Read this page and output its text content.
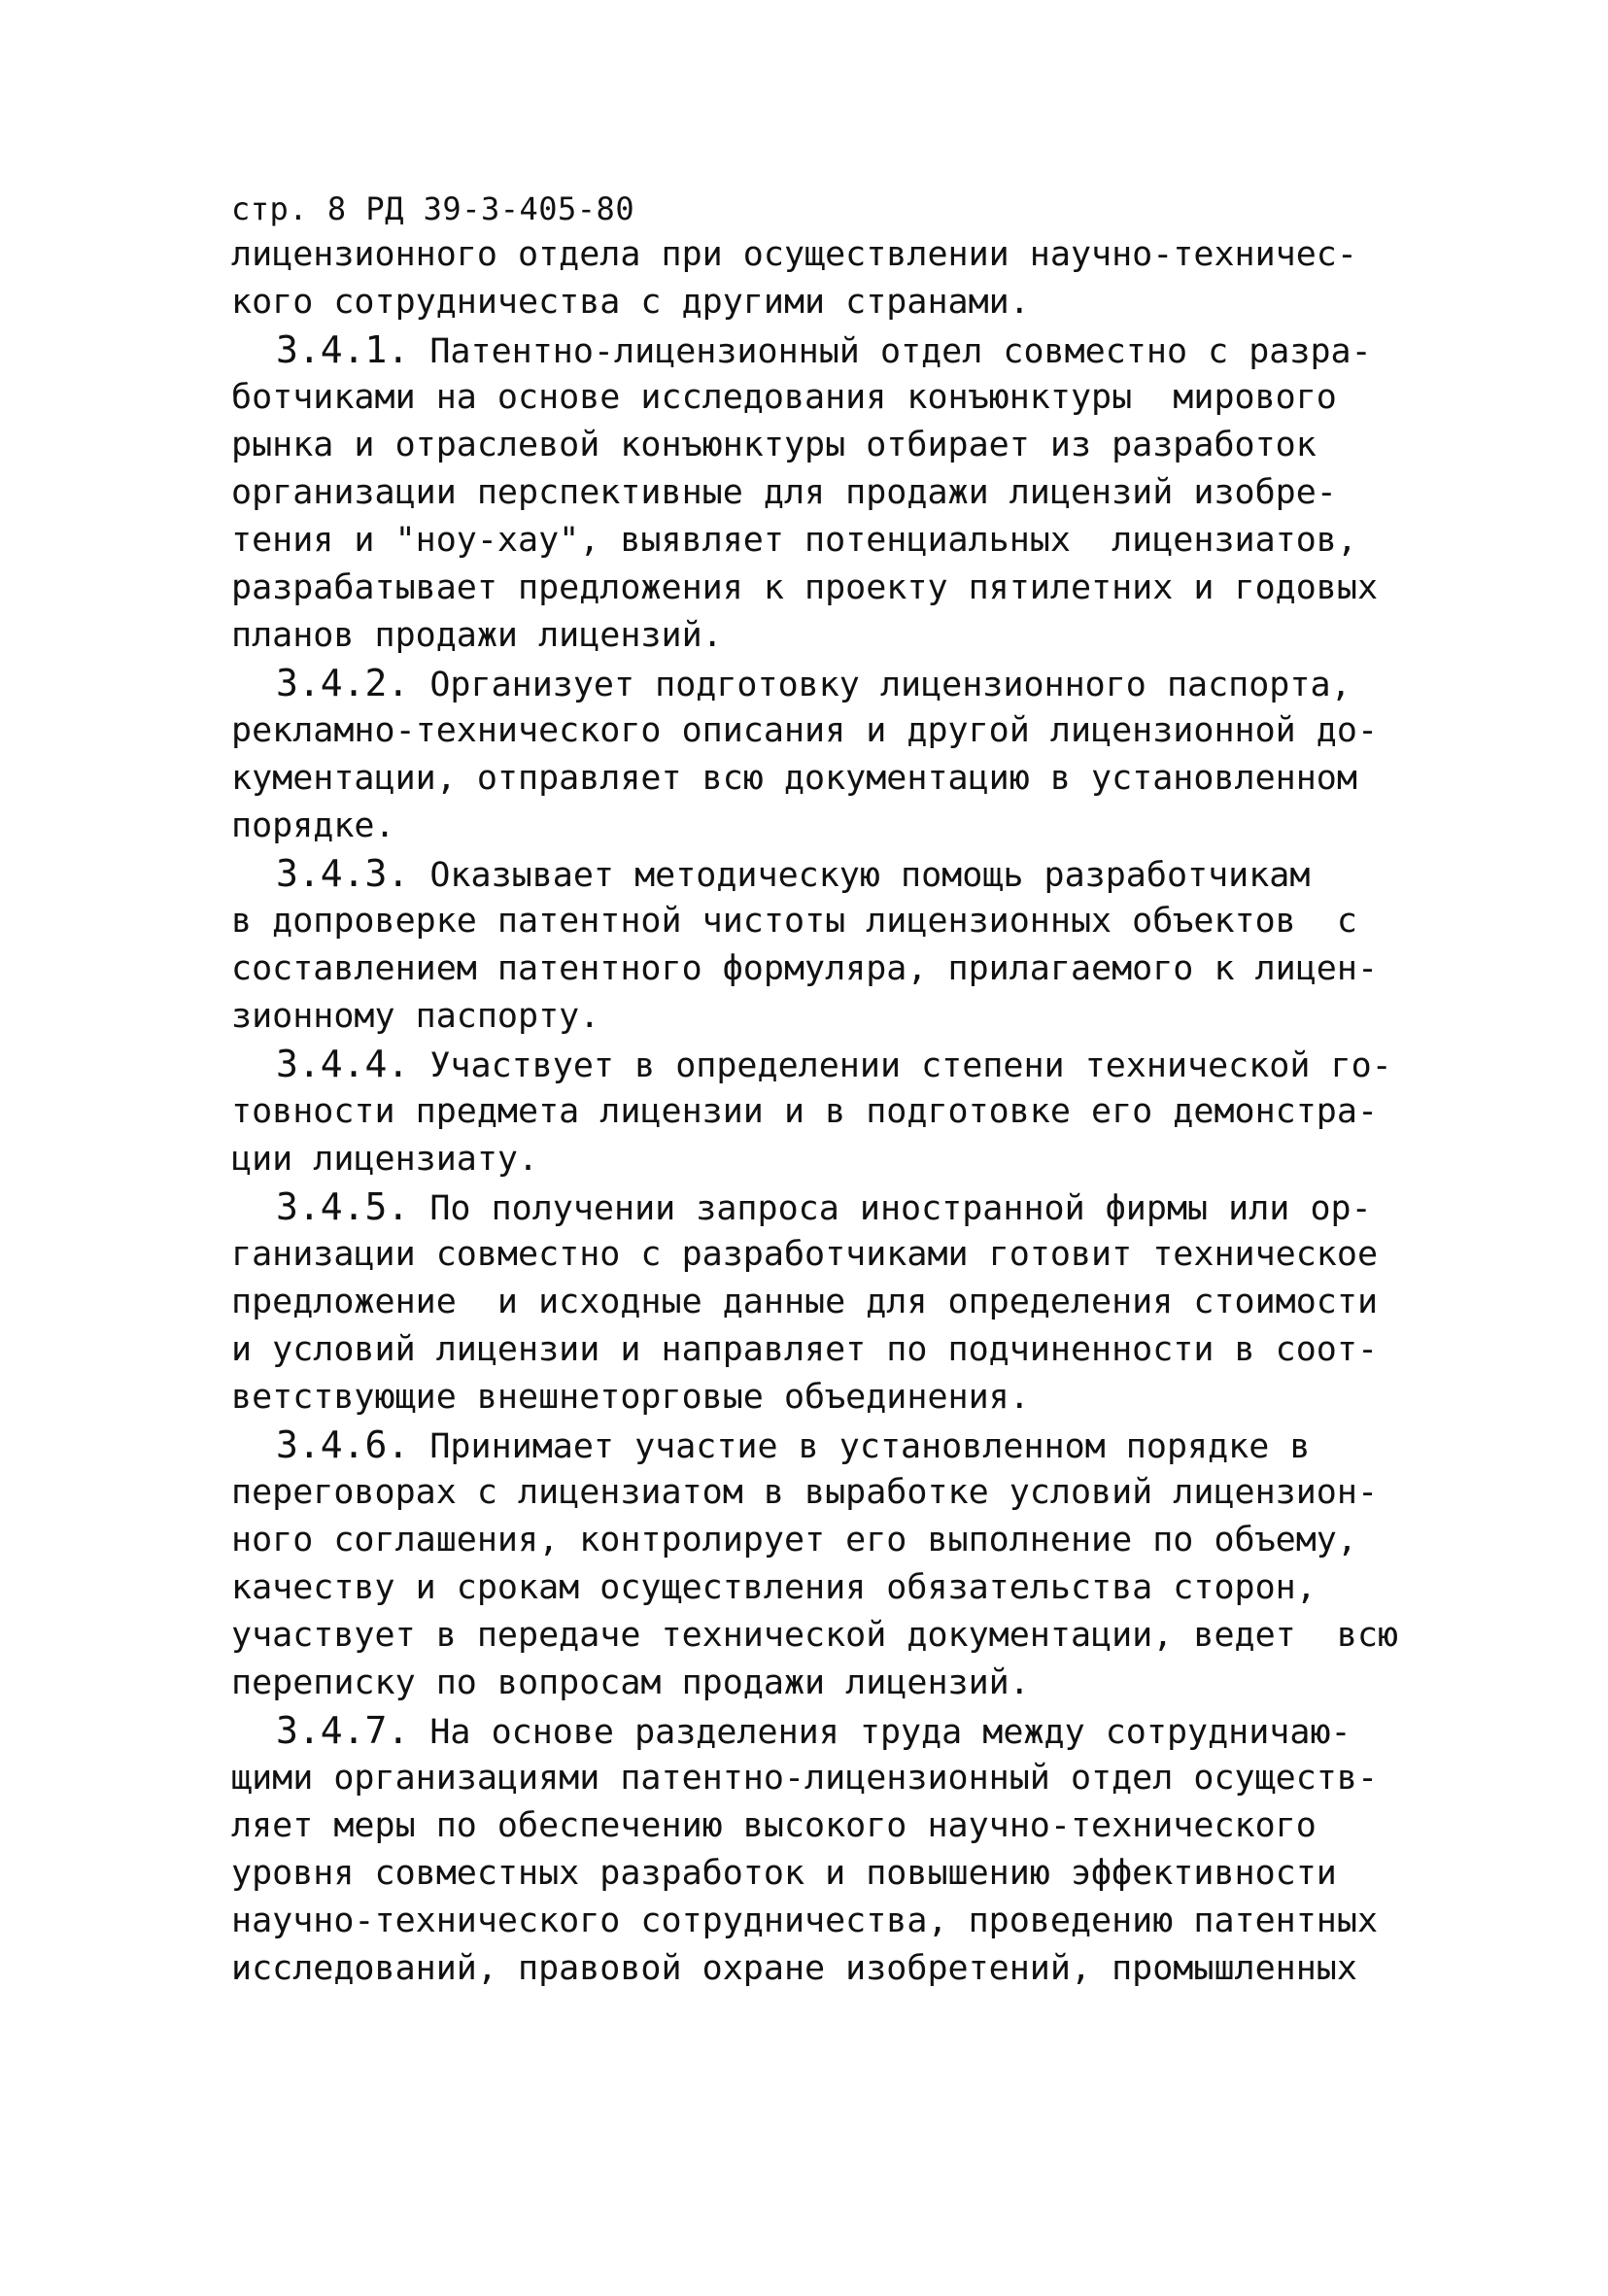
стр. 8 РД 39-3-405-80
лицензионного отдела при осуществлении научно-техничес-
кого сотрудничества с другими странами.
3.4.1. Патентно-лицензионный отдел совместно с разра-
ботчиками на основе исследования конъюнктуры  мирового
рынка и отраслевой конъюнктуры отбирает из разработок
организации перспективные для продажи лицензий изобре-
тения и "ноу-хау", выявляет потенциальных  лицензиатов,
разрабатывает предложения к проекту пятилетних и годовых
планов продажи лицензий.
3.4.2. Организует подготовку лицензионного паспорта,
рекламно-технического описания и другой лицензионной до-
кументации, отправляет всю документацию в установленном
порядке.
3.4.3. Оказывает методическую помощь разработчикам
в допроверке патентной чистоты лицензионных объектов  с
составлением патентного формуляра, прилагаемого к лицен-
зионному паспорту.
3.4.4. Участвует в определении степени технической го-
товности предмета лицензии и в подготовке его демонстра-
ции лицензиату.
3.4.5. По получении запроса иностранной фирмы или ор-
ганизации совместно с разработчиками готовит техническое
предложение  и исходные данные для определения стоимости
и условий лицензии и направляет по подчиненности в соот-
ветствующие внешнеторговые объединения.
3.4.6. Принимает участие в установленном порядке в
переговорах с лицензиатом в выработке условий лицензион-
ного соглашения, контролирует его выполнение по объему,
качеству и срокам осуществления обязательства сторон,
участвует в передаче технической документации, ведет  всю
переписку по вопросам продажи лицензий.
3.4.7. На основе разделения труда между сотрудничаю-
щими организациями патентно-лицензионный отдел осуществ-
ляет меры по обеспечению высокого научно-технического
уровня совместных разработок и повышению эффективности
научно-технического сотрудничества, проведению патентных
исследований, правовой охране изобретений, промышленных
